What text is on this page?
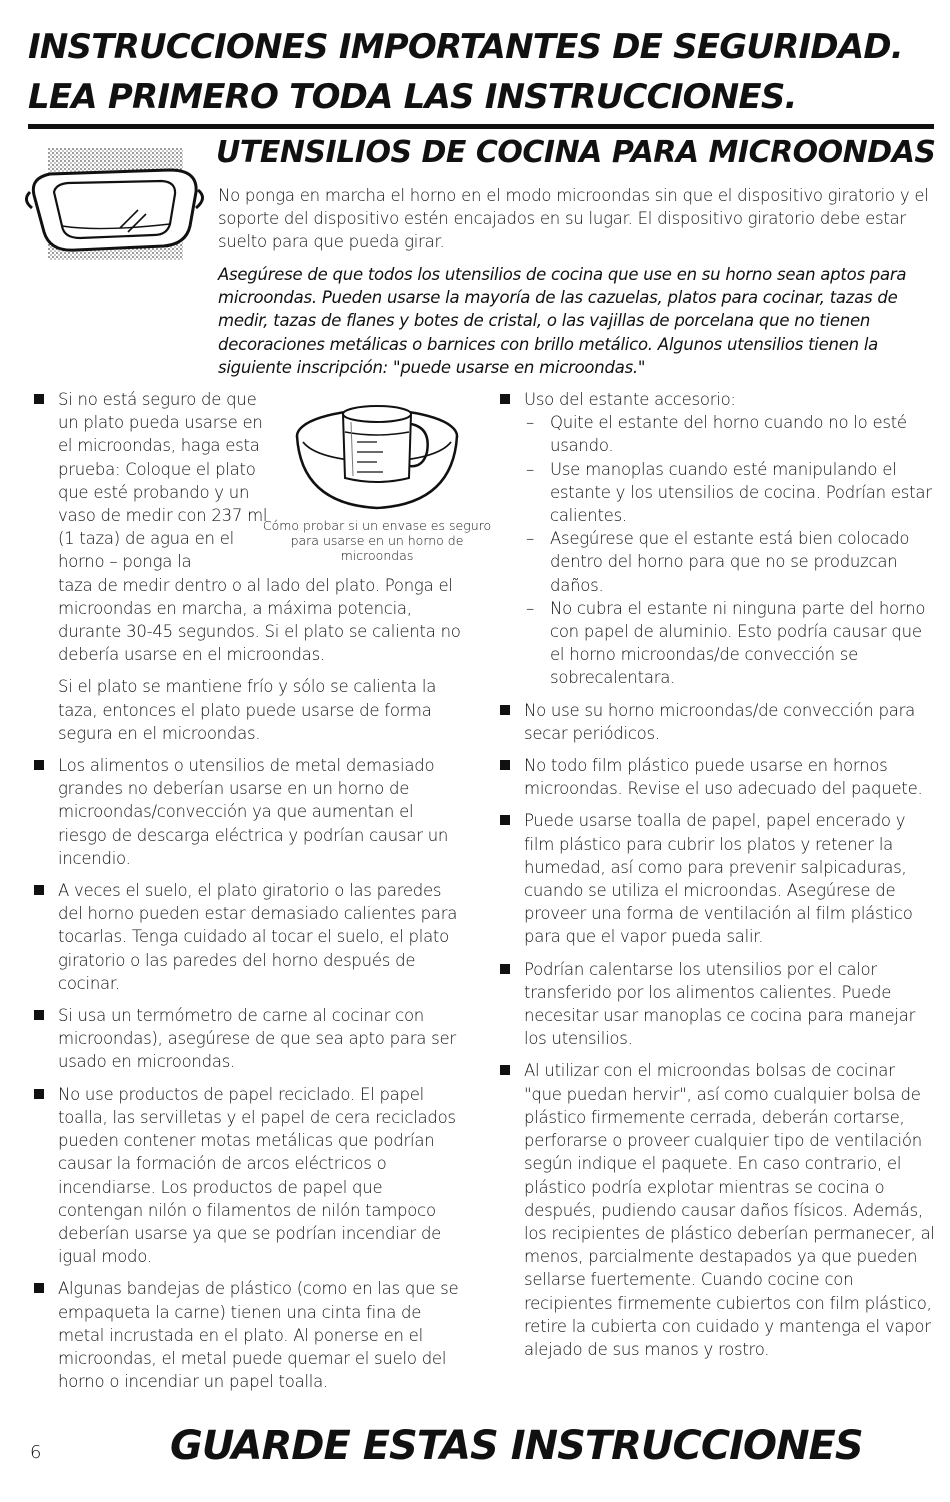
INSTRUCCIONES IMPORTANTES DE SEGURIDAD.
LEA PRIMERO TODA LAS INSTRUCCIONES.
UTENSILIOS DE COCINA PARA MICROONDAS

No ponga en marcha el horno en el modo microondas sin que el dispositivo giratorio y el soporte del dispositivo estén encajados en su lugar. El dispositivo giratorio debe estar suelto para que pueda girar.

Asegúrese de que todos los utensilios de cocina que use en su horno sean aptos para microondas. Pueden usarse la mayoría de las cazuelas, platos para cocinar, tazas de medir, tazas de flanes y botes de cristal, o las vajillas de porcelana que no tienen decoraciones metálicas o barnices con brillo metálico. Algunos utensilios tienen la siguiente inscripción: "puede usarse en microondas."

Si no está seguro de que un plato pueda usarse en el microondas, haga esta prueba: Coloque el plato que esté probando y un vaso de medir con 237 ml (1 taza) de agua en el horno – ponga la

Cómo probar si un envase es seguro para usarse en un horno de microondas

taza de medir dentro o al lado del plato. Ponga el microondas en marcha, a máxima potencia, durante 30-45 segundos. Si el plato se calienta no debería usarse en el microondas.

Si el plato se mantiene frío y sólo se calienta la taza, entonces el plato puede usarse de forma segura en el microondas.

Los alimentos o utensilios de metal demasiado grandes no deberían usarse en un horno de microondas/convección ya que aumentan el riesgo de descarga eléctrica y podrían causar un incendio.
A veces el suelo, el plato giratorio o las paredes del horno pueden estar demasiado calientes para tocarlas. Tenga cuidado al tocar el suelo, el plato giratorio o las paredes del horno después de cocinar.
Si usa un termómetro de carne al cocinar con microondas), asegúrese de que sea apto para ser usado en microondas.
No use productos de papel reciclado. El papel toalla, las servilletas y el papel de cera reciclados pueden contener motas metálicas que podrían causar la formación de arcos eléctricos o incendiarse. Los productos de papel que contengan nilón o filamentos de nilón tampoco deberían usarse ya que se podrían incendiar de igual modo.
Algunas bandejas de plástico (como en las que se empaqueta la carne) tienen una cinta fina de metal incrustada en el plato. Al ponerse en el microondas, el metal puede quemar el suelo del horno o incendiar un papel toalla.
Uso del estante accesorio:
– Quite el estante del horno cuando no lo esté usando.
– Use manoplas cuando esté manipulando el estante y los utensilios de cocina. Podrían estar calientes.
– Asegúrese que el estante está bien colocado dentro del horno para que no se produzcan daños.
– No cubra el estante ni ninguna parte del horno con papel de aluminio. Esto podría causar que el horno microondas/de convección se sobrecalentara.
No use su horno microondas/de convección para secar periódicos.
No todo film plástico puede usarse en hornos microondas. Revise el uso adecuado del paquete.
Puede usarse toalla de papel, papel encerado y film plástico para cubrir los platos y retener la humedad, así como para prevenir salpicaduras, cuando se utiliza el microondas. Asegúrese de proveer una forma de ventilación al film plástico para que el vapor pueda salir.
Podrían calentarse los utensilios por el calor transferido por los alimentos calientes. Puede necesitar usar manoplas ce cocina para manejar los utensilios.
Al utilizar con el microondas bolsas de cocinar "que puedan hervir", así como cualquier bolsa de plástico firmemente cerrada, deberán cortarse, perforarse o proveer cualquier tipo de ventilación según indique el paquete. En caso contrario, el plástico podría explotar mientras se cocina o después, pudiendo causar daños físicos. Además, los recipientes de plástico deberían permanecer, al menos, parcialmente destapados ya que pueden sellarse fuertemente. Cuando cocine con recipientes firmemente cubiertos con film plástico, retire la cubierta con cuidado y mantenga el vapor alejado de sus manos y rostro.
6	GUARDE ESTAS INSTRUCCIONES
